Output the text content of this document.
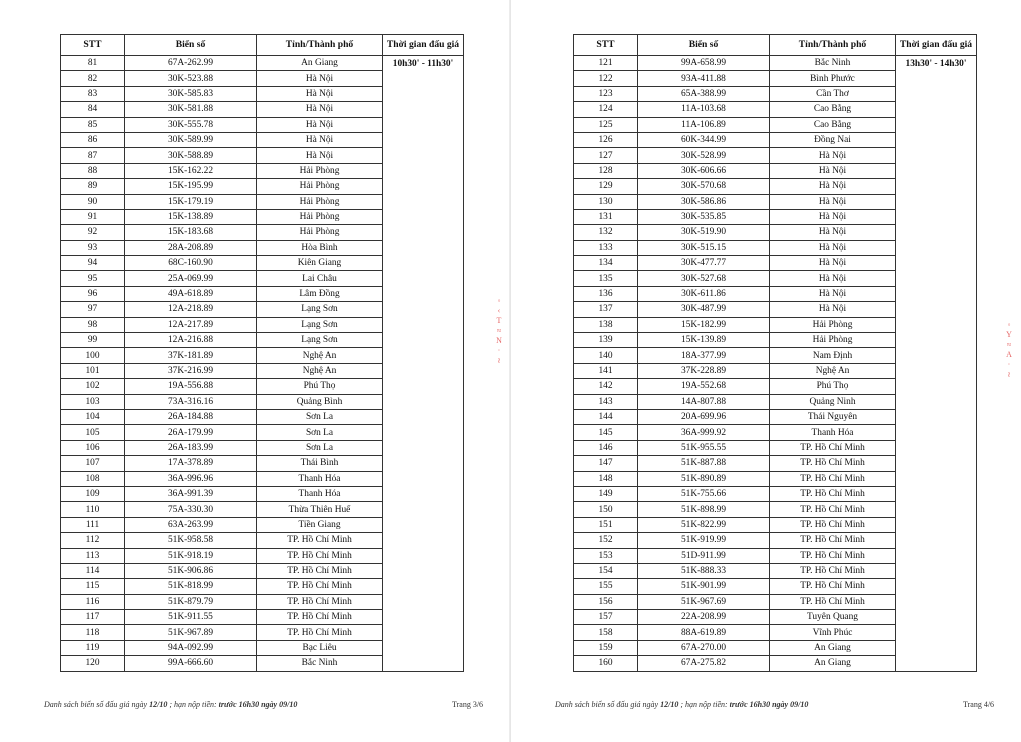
STT	Biển số	Tỉnh/Thành phố	Thời gian đấu giá
81	67A-262.99	An Giang	10h30' - 11h30'
82	30K-523.88	Hà Nội	
83	30K-585.83	Hà Nội	
84	30K-581.88	Hà Nội	
85	30K-555.78	Hà Nội	
86	30K-589.99	Hà Nội	
87	30K-588.89	Hà Nội	
88	15K-162.22	Hải Phòng	
89	15K-195.99	Hải Phòng	
90	15K-179.19	Hải Phòng	
91	15K-138.89	Hải Phòng	
92	15K-183.68	Hải Phòng	
93	28A-208.89	Hòa Bình	
94	68C-160.90	Kiên Giang	
95	25A-069.99	Lai Châu	
96	49A-618.89	Lâm Đồng	
97	12A-218.89	Lạng Sơn	
98	12A-217.89	Lạng Sơn	
99	12A-216.88	Lạng Sơn	
100	37K-181.89	Nghệ An	
101	37K-216.99	Nghệ An	
102	19A-556.88	Phú Thọ	
103	73A-316.16	Quảng Bình	
104	26A-184.88	Sơn La	
105	26A-179.99	Sơn La	
106	26A-183.99	Sơn La	
107	17A-378.89	Thái Bình	
108	36A-996.96	Thanh Hóa	
109	36A-991.39	Thanh Hóa	
110	75A-330.30	Thừa Thiên Huế	
111	63A-263.99	Tiền Giang	
112	51K-958.58	TP. Hồ Chí Minh	
113	51K-918.19	TP. Hồ Chí Minh	
114	51K-906.86	TP. Hồ Chí Minh	
115	51K-818.99	TP. Hồ Chí Minh	
116	51K-879.79	TP. Hồ Chí Minh	
117	51K-911.55	TP. Hồ Chí Minh	
118	51K-967.89	TP. Hồ Chí Minh	
119	94A-092.99	Bạc Liêu	
120	99A-666.60	Bắc Ninh	
Danh sách biển số đấu giá ngày 12/10 ; hạn nộp tiền: trước 16h30 ngày 09/10	Trang 3/6
STT	Biển số	Tỉnh/Thành phố	Thời gian đấu giá
121	99A-658.99	Bắc Ninh	13h30' - 14h30'
122	93A-411.88	Bình Phước	
123	65A-388.99	Cần Thơ	
124	11A-103.68	Cao Bằng	
125	11A-106.89	Cao Bằng	
126	60K-344.99	Đồng Nai	
127	30K-528.99	Hà Nội	
128	30K-606.66	Hà Nội	
129	30K-570.68	Hà Nội	
130	30K-586.86	Hà Nội	
131	30K-535.85	Hà Nội	
132	30K-519.90	Hà Nội	
133	30K-515.15	Hà Nội	
134	30K-477.77	Hà Nội	
135	30K-527.68	Hà Nội	
136	30K-611.86	Hà Nội	
137	30K-487.99	Hà Nội	
138	15K-182.99	Hải Phòng	
139	15K-139.89	Hải Phòng	
140	18A-377.99	Nam Định	
141	37K-228.89	Nghệ An	
142	19A-552.68	Phú Thọ	
143	14A-807.88	Quảng Ninh	
144	20A-699.96	Thái Nguyên	
145	36A-999.92	Thanh Hóa	
146	51K-955.55	TP. Hồ Chí Minh	
147	51K-887.88	TP. Hồ Chí Minh	
148	51K-890.89	TP. Hồ Chí Minh	
149	51K-755.66	TP. Hồ Chí Minh	
150	51K-898.99	TP. Hồ Chí Minh	
151	51K-822.99	TP. Hồ Chí Minh	
152	51K-919.99	TP. Hồ Chí Minh	
153	51D-911.99	TP. Hồ Chí Minh	
154	51K-888.33	TP. Hồ Chí Minh	
155	51K-901.99	TP. Hồ Chí Minh	
156	51K-967.69	TP. Hồ Chí Minh	
157	22A-208.99	Tuyên Quang	
158	88A-619.89	Vĩnh Phúc	
159	67A-270.00	An Giang	
160	67A-275.82	An Giang	
Danh sách biển số đấu giá ngày 12/10 ; hạn nộp tiền: trước 16h30 ngày 09/10	Trang 4/6
◦
‹
T
≈
N
·
≀
◦
Y
≈
A
·
≀
